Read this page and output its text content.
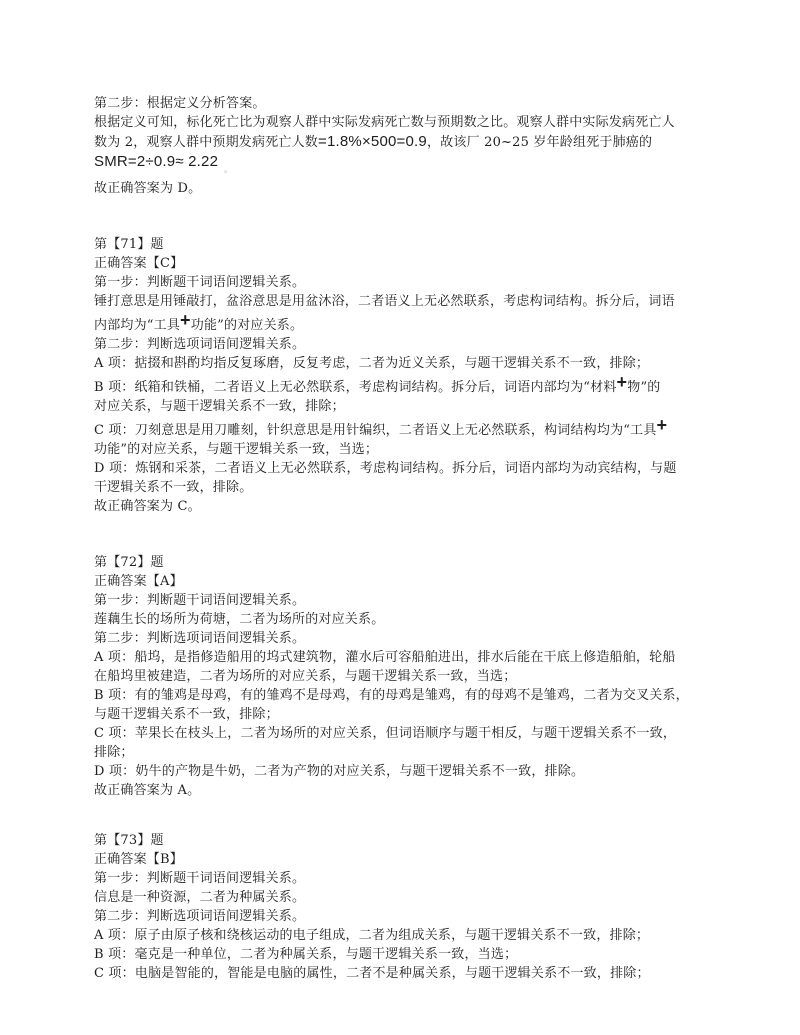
第二步：根据定义分析答案。
根据定义可知，标化死亡比为观察人群中实际发病死亡数与预期数之比。观察人群中实际发病死亡人
数为 2，观察人群中预期发病死亡人数=1.8%×500=0.9，故该厂 20~25 岁年龄组死于肺癌的
SMR=2÷0.9≈ 2.22 $_。$
故正确答案为 D。
第【71】题
正确答案【C】
第一步：判断题干词语间逻辑关系。
锤打意思是用锤敲打，盆浴意思是用盆沐浴，二者语义上无必然联系，考虑构词结构。拆分后，词语
内部均为“工具+功能”的对应关系。
第二步：判断选项词语间逻辑关系。
A 项：掂掇和斟酌均指反复琢磨，反复考虑，二者为近义关系，与题干逻辑关系不一致，排除；
B 项：纸箱和铁桶，二者语义上无必然联系，考虑构词结构。拆分后，词语内部均为“材料+物”的
对应关系，与题干逻辑关系不一致，排除；
C 项：刀刻意思是用刀雕刻，针织意思是用针编织，二者语义上无必然联系，构词结构均为“工具+
功能”的对应关系，与题干逻辑关系一致，当选；
D 项：炼钢和采茶，二者语义上无必然联系，考虑构词结构。拆分后，词语内部均为动宾结构，与题
干逻辑关系不一致，排除。
故正确答案为 C。
第【72】题
正确答案【A】
第一步：判断题干词语间逻辑关系。
莲藕生长的场所为荷塘，二者为场所的对应关系。
第二步：判断选项词语间逻辑关系。
A 项：船坞，是指修造船用的坞式建筑物，灌水后可容船舶进出，排水后能在干底上修造船舶，轮船
在船坞里被建造，二者为场所的对应关系，与题干逻辑关系一致，当选；
B 项：有的雏鸡是母鸡，有的雏鸡不是母鸡，有的母鸡是雏鸡，有的母鸡不是雏鸡，二者为交叉关系，
与题干逻辑关系不一致，排除；
C 项：苹果长在枝头上，二者为场所的对应关系，但词语顺序与题干相反，与题干逻辑关系不一致，
排除；
D 项：奶牛的产物是牛奶，二者为产物的对应关系，与题干逻辑关系不一致，排除。
故正确答案为 A。
第【73】题
正确答案【B】
第一步：判断题干词语间逻辑关系。
信息是一种资源，二者为种属关系。
第二步：判断选项词语间逻辑关系。
A 项：原子由原子核和绕核运动的电子组成，二者为组成关系，与题干逻辑关系不一致，排除；
B 项：毫克是一种单位，二者为种属关系，与题干逻辑关系一致，当选；
C 项：电脑是智能的，智能是电脑的属性，二者不是种属关系，与题干逻辑关系不一致，排除；
